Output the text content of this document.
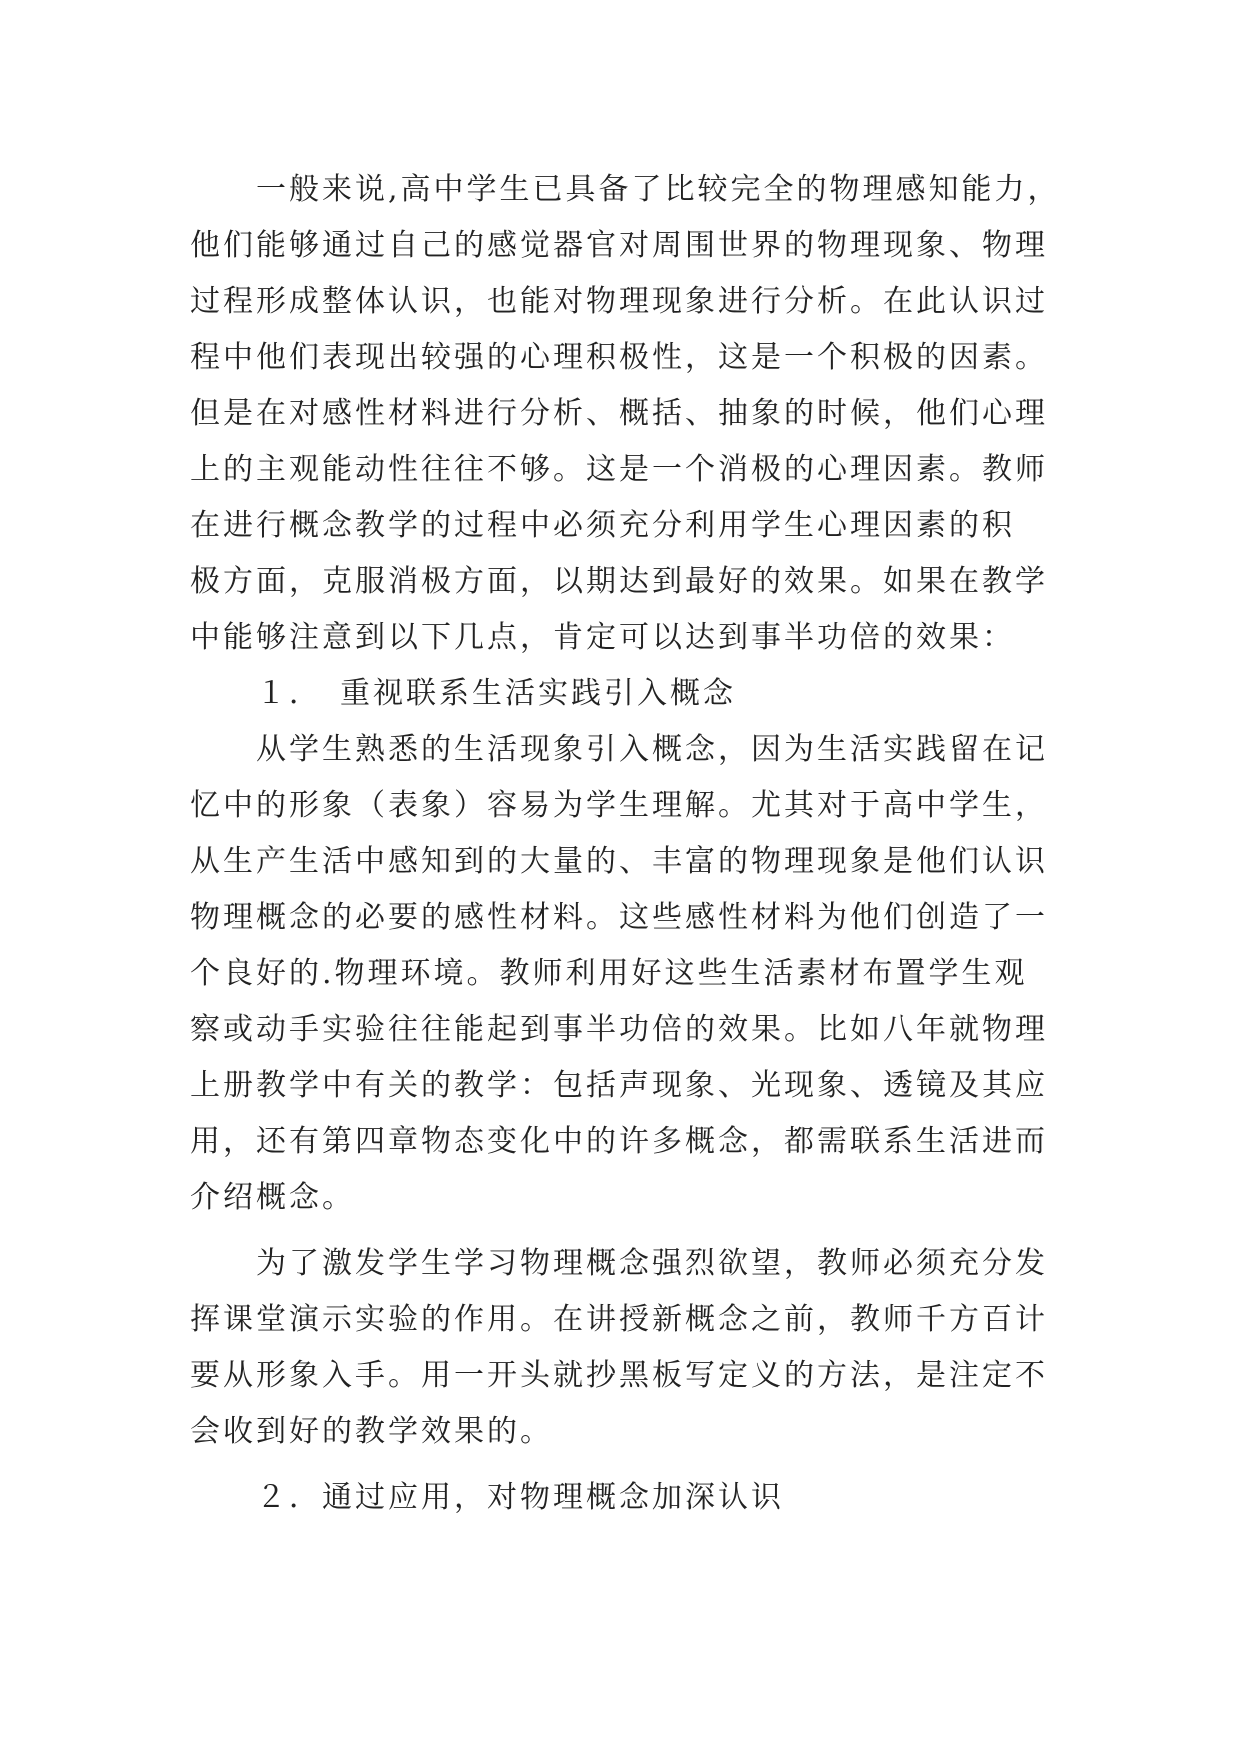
一般来说,高中学生已具备了比较完全的物理感知能力，
他们能够通过自己的感觉器官对周围世界的物理现象、物理
过程形成整体认识，也能对物理现象进行分析。在此认识过
程中他们表现出较强的心理积极性，这是一个积极的因素。
但是在对感性材料进行分析、概括、抽象的时候，他们心理
上的主观能动性往往不够。这是一个消极的心理因素。教师
在进行概念教学的过程中必须充分利用学生心理因素的积
极方面，克服消极方面，以期达到最好的效果。如果在教学
中能够注意到以下几点，肯定可以达到事半功倍的效果：
１．　重视联系生活实践引入概念
从学生熟悉的生活现象引入概念，因为生活实践留在记
忆中的形象（表象）容易为学生理解。尤其对于高中学生，
从生产生活中感知到的大量的、丰富的物理现象是他们认识
物理概念的必要的感性材料。这些感性材料为他们创造了一
个良好的.物理环境。教师利用好这些生活素材布置学生观
察或动手实验往往能起到事半功倍的效果。比如八年就物理
上册教学中有关的教学：包括声现象、光现象、透镜及其应
用，还有第四章物态变化中的许多概念，都需联系生活进而
介绍概念。
为了激发学生学习物理概念强烈欲望，教师必须充分发
挥课堂演示实验的作用。在讲授新概念之前，教师千方百计
要从形象入手。用一开头就抄黑板写定义的方法，是注定不
会收到好的教学效果的。
２．通过应用，对物理概念加深认识
